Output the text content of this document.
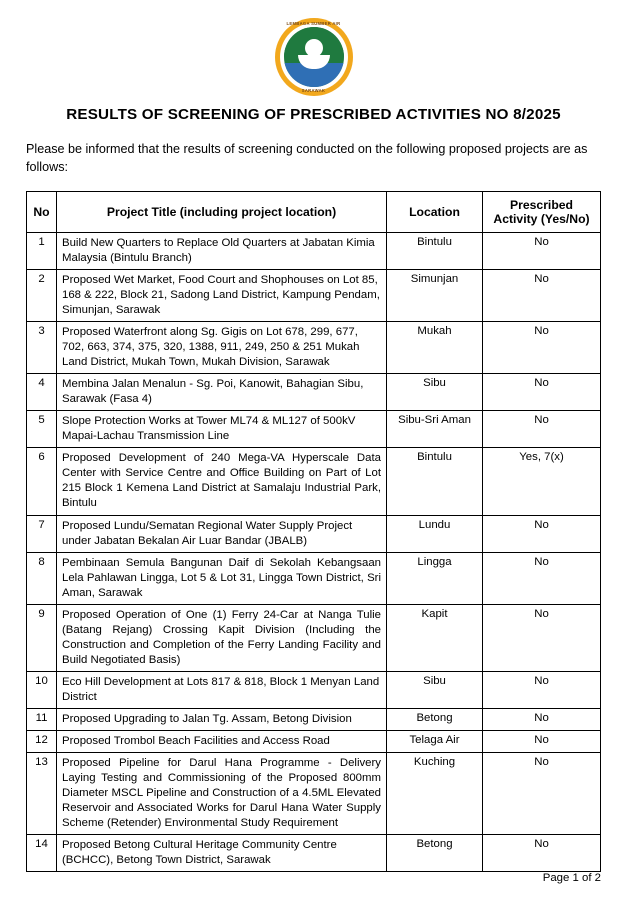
LEMBAGA SUMBER AIR
SARAWAK
RESULTS OF SCREENING OF PRESCRIBED ACTIVITIES NO 8/2025

Please be informed that the results of screening conducted on the following proposed projects are as follows:

No	Project Title (including project location)	Location	Prescribed Activity (Yes/No)
1	Build New Quarters to Replace Old Quarters at Jabatan Kimia Malaysia (Bintulu Branch)	Bintulu	No
2	Proposed Wet Market, Food Court and Shophouses on Lot 85, 168 & 222, Block 21, Sadong Land District, Kampung Pendam, Simunjan, Sarawak	Simunjan	No
3	Proposed Waterfront along Sg. Gigis on Lot 678, 299, 677, 702, 663, 374, 375, 320, 1388, 911, 249, 250 & 251 Mukah Land District, Mukah Town, Mukah Division, Sarawak	Mukah	No
4	Membina Jalan Menalun - Sg. Poi, Kanowit, Bahagian Sibu, Sarawak (Fasa 4)	Sibu	No
5	Slope Protection Works at Tower ML74 & ML127 of 500kV Mapai-Lachau Transmission Line	Sibu-Sri Aman	No
6	Proposed Development of 240 Mega-VA Hyperscale Data Center with Service Centre and Office Building on Part of Lot 215 Block 1 Kemena Land District at Samalaju Industrial Park, Bintulu	Bintulu	Yes, 7(x)
7	Proposed Lundu/Sematan Regional Water Supply Project under Jabatan Bekalan Air Luar Bandar (JBALB)	Lundu	No
8	Pembinaan Semula Bangunan Daif di Sekolah Kebangsaan Lela Pahlawan Lingga, Lot 5 & Lot 31, Lingga Town District, Sri Aman, Sarawak	Lingga	No
9	Proposed Operation of One (1) Ferry 24-Car at Nanga Tulie (Batang Rejang) Crossing Kapit Division (Including the Construction and Completion of the Ferry Landing Facility and Build Negotiated Basis)	Kapit	No
10	Eco Hill Development at Lots 817 & 818, Block 1 Menyan Land District	Sibu	No
11	Proposed Upgrading to Jalan Tg. Assam, Betong Division	Betong	No
12	Proposed Trombol Beach Facilities and Access Road	Telaga Air	No
13	Proposed Pipeline for Darul Hana Programme - Delivery Laying Testing and Commissioning of the Proposed 800mm Diameter MSCL Pipeline and Construction of a 4.5ML Elevated Reservoir and Associated Works for Darul Hana Water Supply Scheme (Retender) Environmental Study Requirement	Kuching	No
14	Proposed Betong Cultural Heritage Community Centre (BCHCC), Betong Town District, Sarawak	Betong	No
Page 1 of 2
